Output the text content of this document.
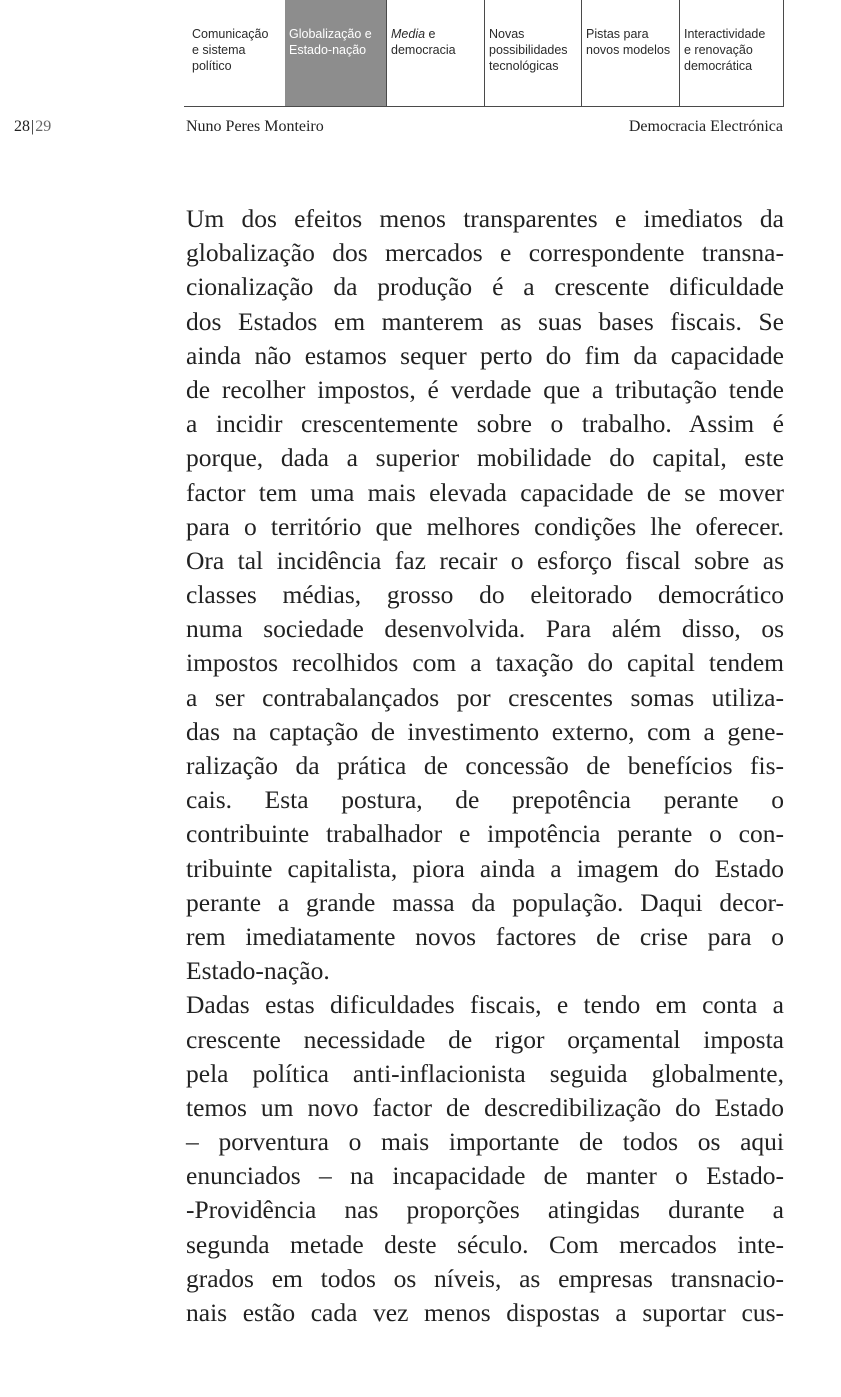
Comunicação
e sistema
político
Globalização e
Estado-nação
Media e
democracia
Novas
possibilidades
tecnológicas
Pistas para
novos modelos
Interactividade
e renovação
democrática
28|29	Nuno Peres Monteiro	Democracia Electrónica
Um dos efeitos menos transparentes e imediatos da
globalização dos mercados e correspondente transna-
cionalização da produção é a crescente dificuldade
dos Estados em manterem as suas bases fiscais. Se
ainda não estamos sequer perto do fim da capacidade
de recolher impostos, é verdade que a tributação tende
a incidir crescentemente sobre o trabalho. Assim é
porque, dada a superior mobilidade do capital, este
factor tem uma mais elevada capacidade de se mover
para o território que melhores condições lhe oferecer.
Ora tal incidência faz recair o esforço fiscal sobre as
classes médias, grosso do eleitorado democrático
numa sociedade desenvolvida. Para além disso, os
impostos recolhidos com a taxação do capital tendem
a ser contrabalançados por crescentes somas utiliza-
das na captação de investimento externo, com a gene-
ralização da prática de concessão de benefícios fis-
cais. Esta postura, de prepotência perante o
contribuinte trabalhador e impotência perante o con-
tribuinte capitalista, piora ainda a imagem do Estado
perante a grande massa da população. Daqui decor-
rem imediatamente novos factores de crise para o
Estado-nação.
Dadas estas dificuldades fiscais, e tendo em conta a
crescente necessidade de rigor orçamental imposta
pela política anti-inflacionista seguida globalmente,
temos um novo factor de descredibilização do Estado
– porventura o mais importante de todos os aqui
enunciados – na incapacidade de manter o Estado-
-Providência nas proporções atingidas durante a
segunda metade deste século. Com mercados inte-
grados em todos os níveis, as empresas transnacio-
nais estão cada vez menos dispostas a suportar cus-
